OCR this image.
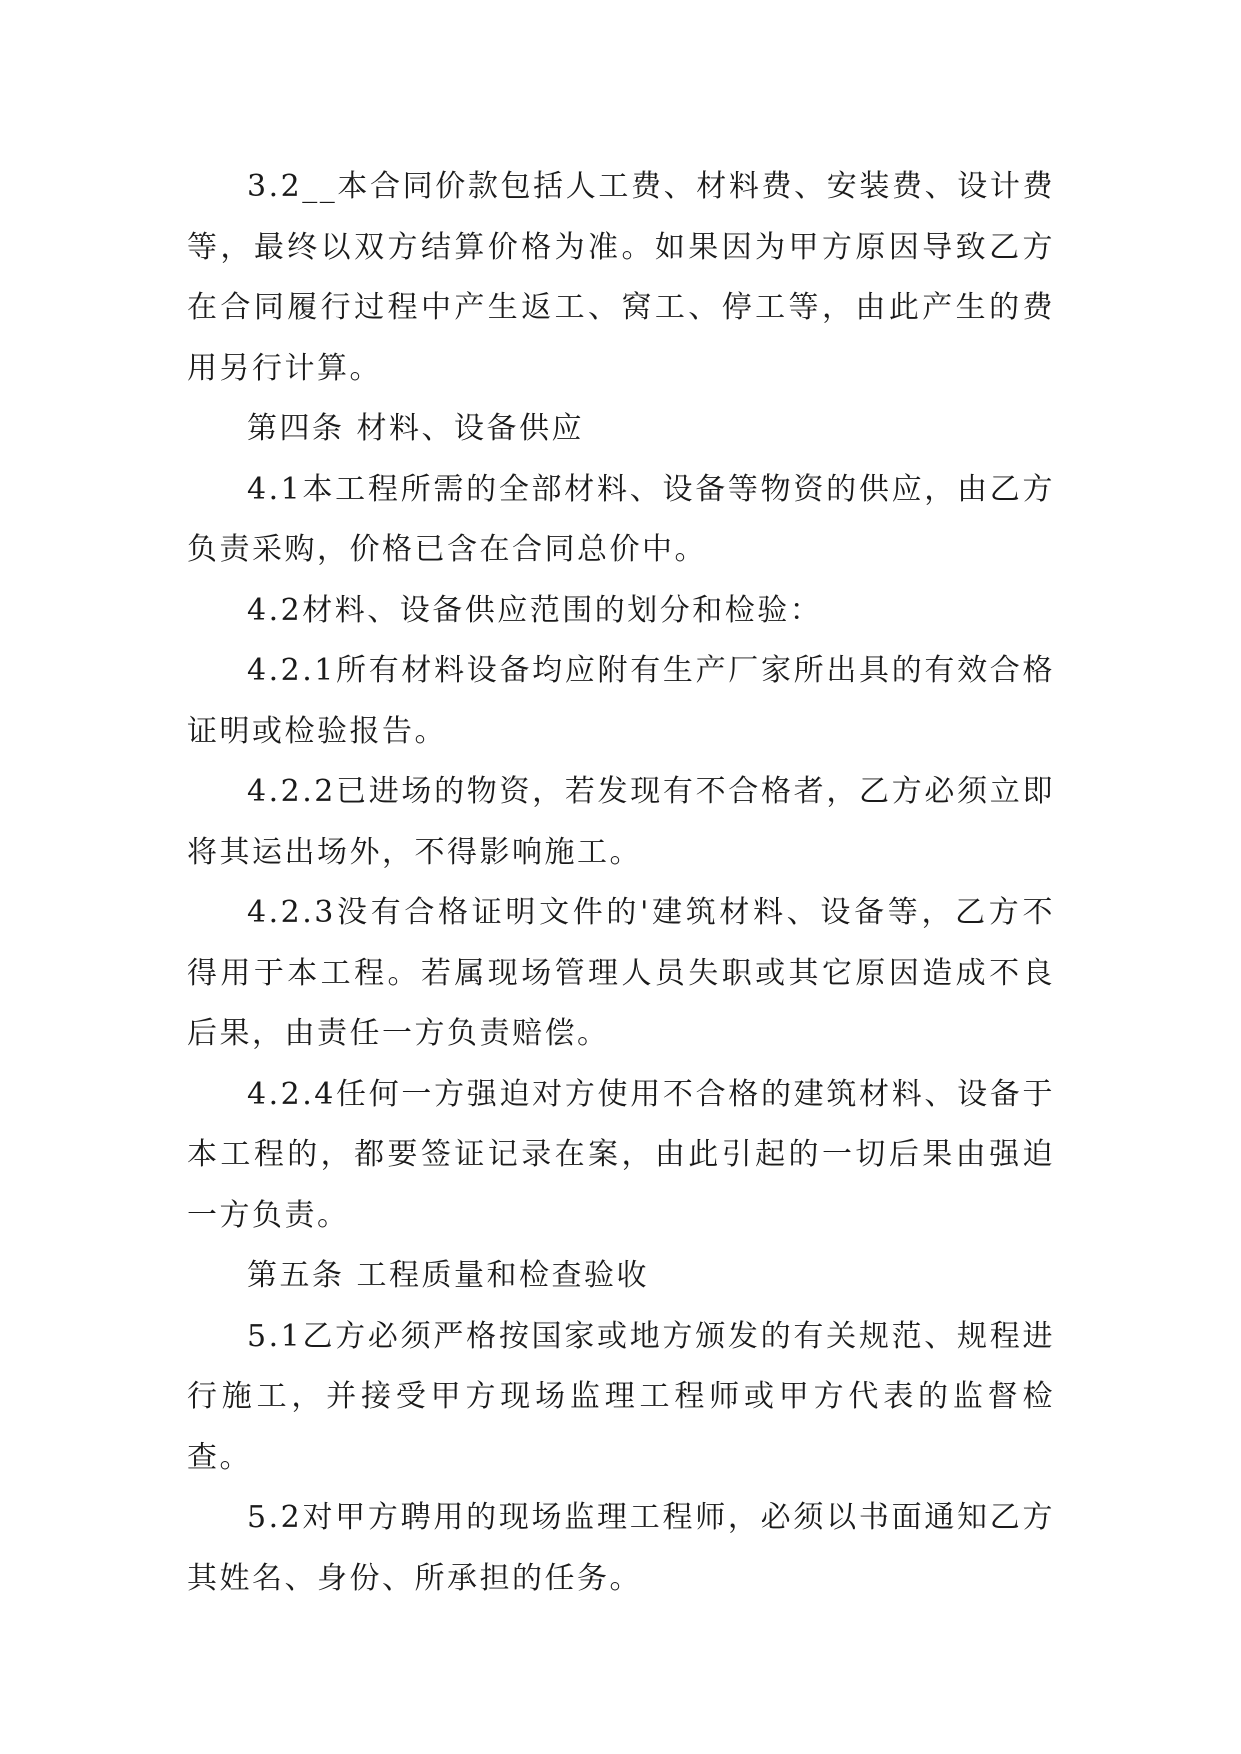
3.2__本合同价款包括人工费、材料费、安装费、设计费等，最终以双方结算价格为准。如果因为甲方原因导致乙方在合同履行过程中产生返工、窝工、停工等，由此产生的费用另行计算。

第四条 材料、设备供应

4.1本工程所需的全部材料、设备等物资的供应，由乙方负责采购，价格已含在合同总价中。

4.2材料、设备供应范围的划分和检验：

4.2.1所有材料设备均应附有生产厂家所出具的有效合格证明或检验报告。

4.2.2已进场的物资，若发现有不合格者，乙方必须立即将其运出场外，不得影响施工。

4.2.3没有合格证明文件的'建筑材料、设备等，乙方不得用于本工程。若属现场管理人员失职或其它原因造成不良后果，由责任一方负责赔偿。

4.2.4任何一方强迫对方使用不合格的建筑材料、设备于本工程的，都要签证记录在案，由此引起的一切后果由强迫一方负责。

第五条 工程质量和检查验收

5.1乙方必须严格按国家或地方颁发的有关规范、规程进行施工，并接受甲方现场监理工程师或甲方代表的监督检查。

5.2对甲方聘用的现场监理工程师，必须以书面通知乙方其姓名、身份、所承担的任务。
